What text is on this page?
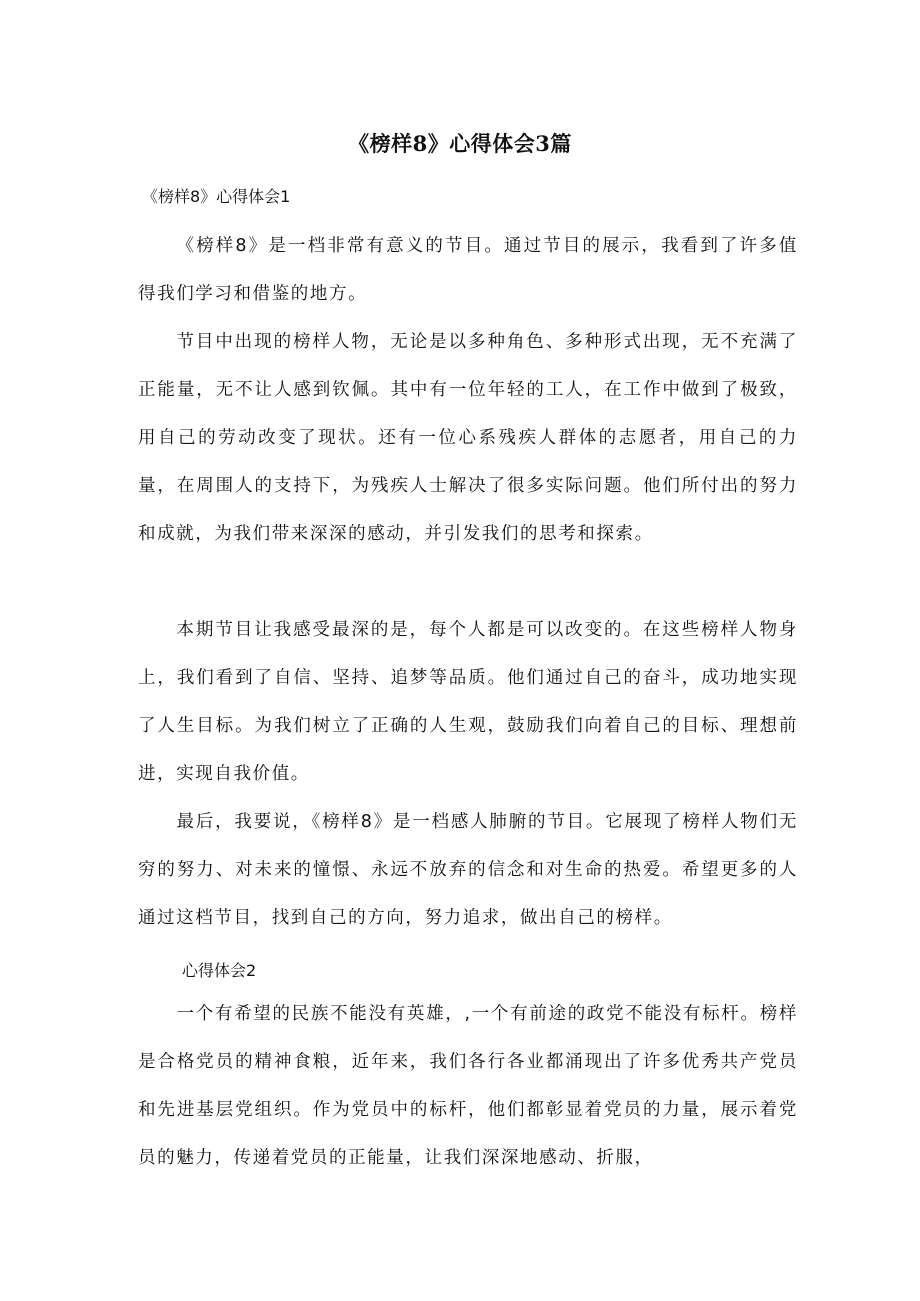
《榜样8》心得体会3篇

《榜样8》心得体会1

《榜样8》是一档非常有意义的节目。通过节目的展示，我看到了许多值得我们学习和借鉴的地方。

节目中出现的榜样人物，无论是以多种角色、多种形式出现，无不充满了正能量，无不让人感到钦佩。其中有一位年轻的工人，在工作中做到了极致，用自己的劳动改变了现状。还有一位心系残疾人群体的志愿者，用自己的力量，在周围人的支持下，为残疾人士解决了很多实际问题。他们所付出的努力和成就，为我们带来深深的感动，并引发我们的思考和探索。

本期节目让我感受最深的是，每个人都是可以改变的。在这些榜样人物身上，我们看到了自信、坚持、追梦等品质。他们通过自己的奋斗，成功地实现了人生目标。为我们树立了正确的人生观，鼓励我们向着自己的目标、理想前进，实现自我价值。

最后，我要说，《榜样8》是一档感人肺腑的节目。它展现了榜样人物们无穷的努力、对未来的憧憬、永远不放弃的信念和对生命的热爱。希望更多的人通过这档节目，找到自己的方向，努力追求，做出自己的榜样。

心得体会2

一个有希望的民族不能没有英雄，,一个有前途的政党不能没有标杆。榜样是合格党员的精神食粮，近年来，我们各行各业都涌现出了许多优秀共产党员和先进基层党组织。作为党员中的标杆，他们都彰显着党员的力量，展示着党员的魅力，传递着党员的正能量，让我们深深地感动、折服，
